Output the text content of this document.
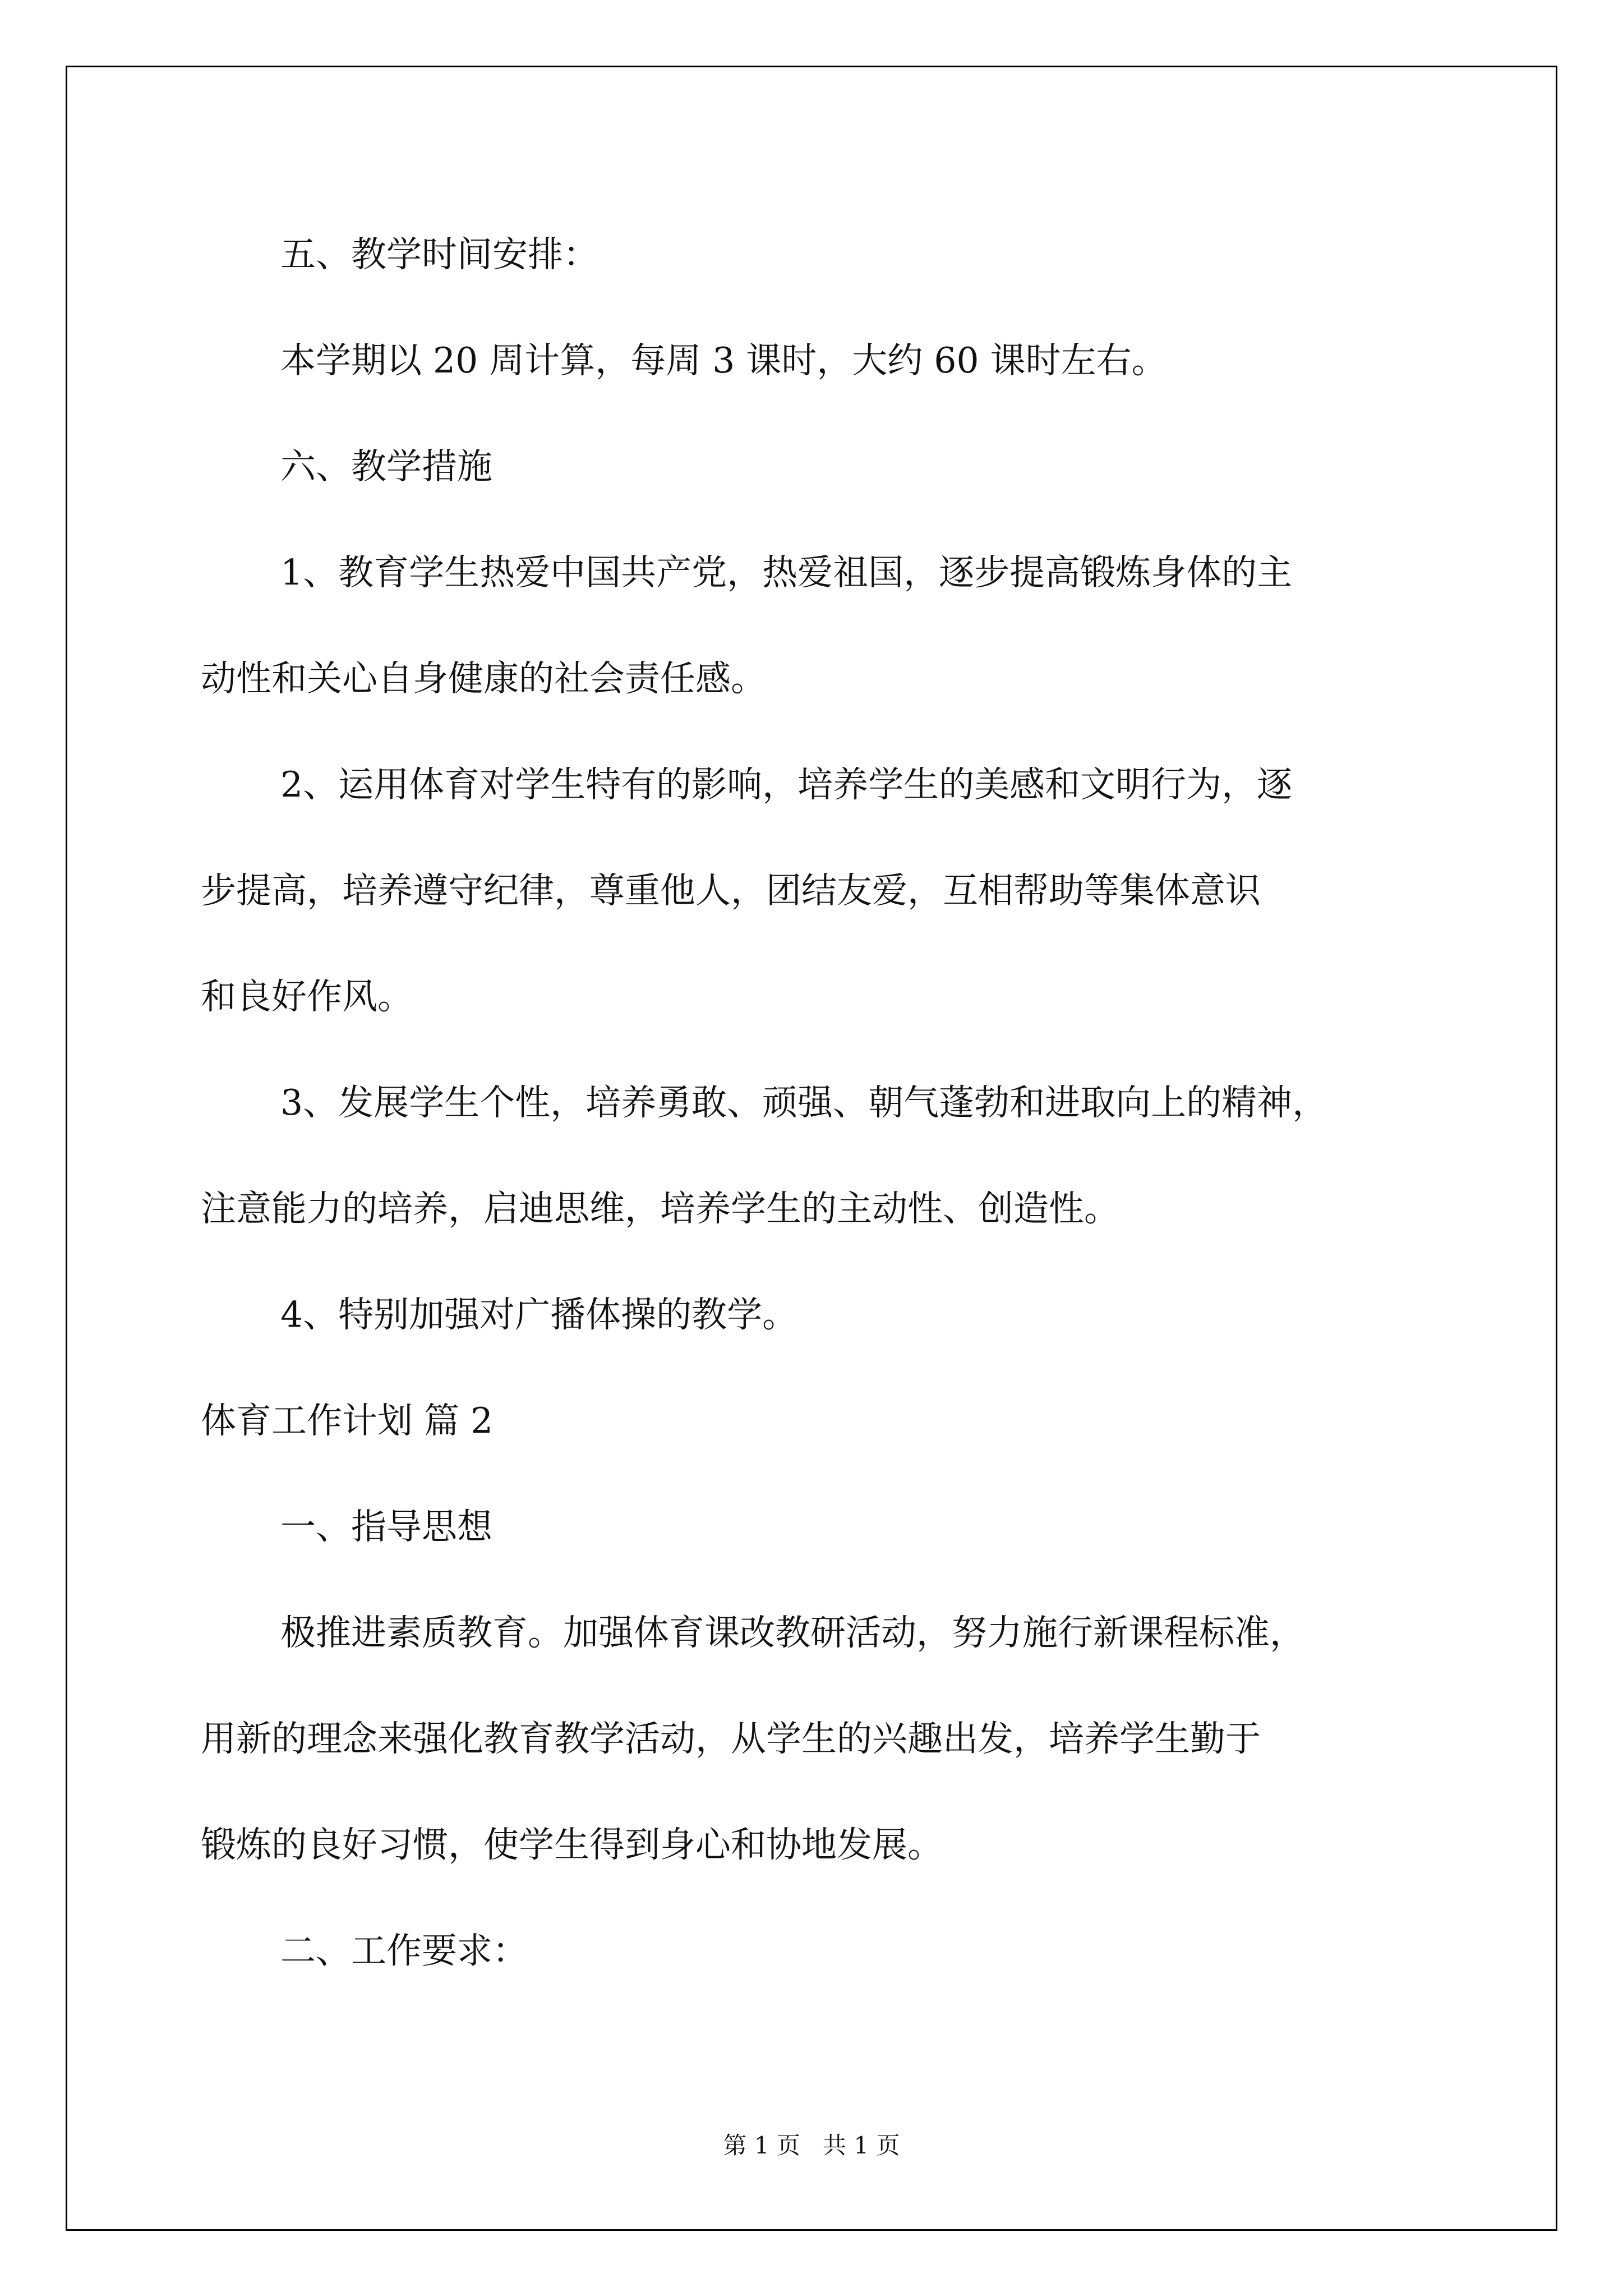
五、教学时间安排：
本学期以 20 周计算，每周 3 课时，大约 60 课时左右。
六、教学措施
1、教育学生热爱中国共产党，热爱祖国，逐步提高锻炼身体的主
动性和关心自身健康的社会责任感。
2、运用体育对学生特有的影响，培养学生的美感和文明行为，逐
步提高，培养遵守纪律，尊重他人，团结友爱，互相帮助等集体意识
和良好作风。
3、发展学生个性，培养勇敢、顽强、朝气蓬勃和进取向上的精神，
注意能力的培养，启迪思维，培养学生的主动性、创造性。
4、特别加强对广播体操的教学。
体育工作计划 篇 2
一、指导思想
极推进素质教育。加强体育课改教研活动，努力施行新课程标准，
用新的理念来强化教育教学活动，从学生的兴趣出发，培养学生勤于
锻炼的良好习惯，使学生得到身心和协地发展。
二、工作要求：
第 1 页   共 1 页
